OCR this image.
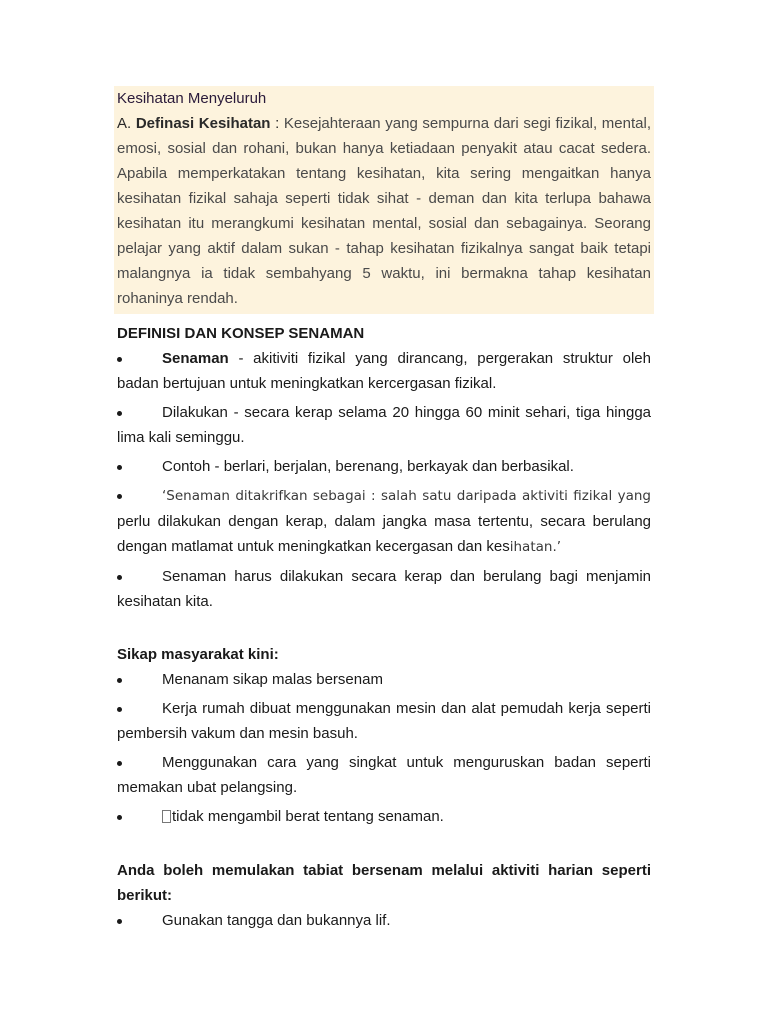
Kesihatan Menyeluruh

A. Definasi Kesihatan : Kesejahteraan yang sempurna dari segi fizikal, mental, emosi, sosial dan rohani, bukan hanya ketiadaan penyakit atau cacat sedera. Apabila memperkatakan tentang kesihatan, kita sering mengaitkan hanya kesihatan fizikal sahaja seperti tidak sihat - deman dan kita terlupa bahawa kesihatan itu merangkumi kesihatan mental, sosial dan sebagainya. Seorang pelajar yang aktif dalam sukan - tahap kesihatan fizikalnya sangat baik tetapi malangnya ia tidak sembahyang 5 waktu, ini bermakna tahap kesihatan rohaninya rendah.

DEFINISI DAN KONSEP SENAMAN

Senaman - akitiviti fizikal yang dirancang, pergerakan struktur oleh badan bertujuan untuk meningkatkan kercergasan fizikal.
Dilakukan - secara kerap selama 20 hingga 60 minit sehari, tiga hingga lima kali seminggu.
Contoh - berlari, berjalan, berenang, berkayak dan berbasikal.
‘Senaman ditakrifkan sebagai : salah satu daripada aktiviti fizikal yang perlu dilakukan dengan kerap, dalam jangka masa tertentu, secara berulang dengan matlamat untuk meningkatkan kecergasan dan kesihatan.’
Senaman harus dilakukan secara kerap dan berulang bagi menjamin kesihatan kita.

Sikap masyarakat kini:

Menanam sikap malas bersenam
Kerja rumah dibuat menggunakan mesin dan alat pemudah kerja seperti pembersih vakum dan mesin basuh.
Menggunakan cara yang singkat untuk menguruskan badan seperti memakan ubat pelangsing.
tidak mengambil berat tentang senaman.

Anda boleh memulakan tabiat bersenam melalui aktiviti harian seperti berikut:

Gunakan tangga dan bukannya lif.
